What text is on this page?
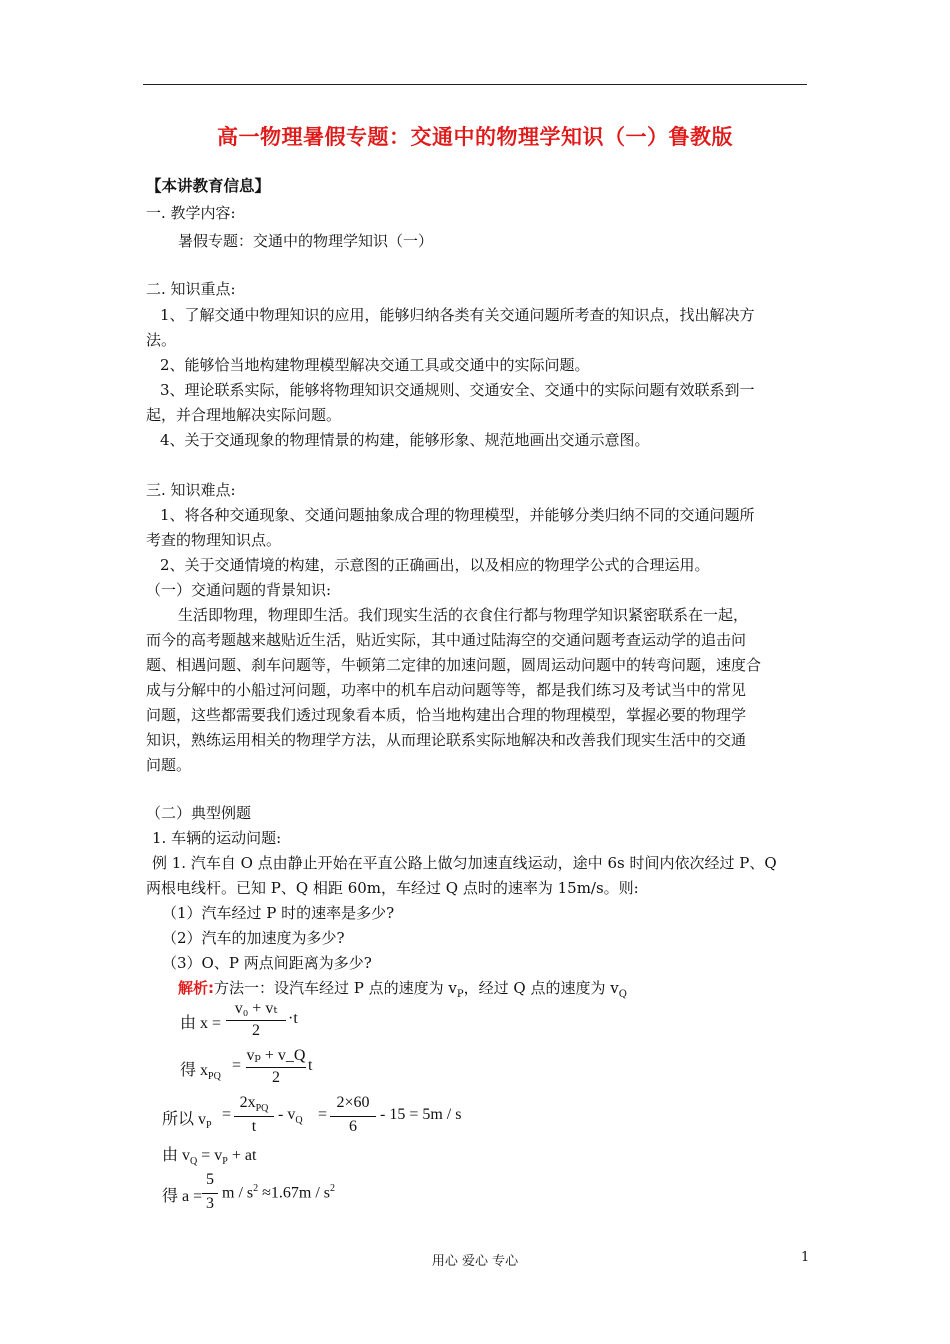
高一物理暑假专题：交通中的物理学知识（一）鲁教版
【本讲教育信息】
一. 教学内容:
暑假专题：交通中的物理学知识（一）
二. 知识重点:
1、了解交通中物理知识的应用，能够归纳各类有关交通问题所考查的知识点，找出解决方
法。
2、能够恰当地构建物理模型解决交通工具或交通中的实际问题。
3、理论联系实际，能够将物理知识交通规则、交通安全、交通中的实际问题有效联系到一
起，并合理地解决实际问题。
4、关于交通现象的物理情景的构建，能够形象、规范地画出交通示意图。
三. 知识难点:
1、将各种交通现象、交通问题抽象成合理的物理模型，并能够分类归纳不同的交通问题所
考查的物理知识点。
2、关于交通情境的构建，示意图的正确画出，以及相应的物理学公式的合理运用。
（一）交通问题的背景知识:
生活即物理，物理即生活。我们现实生活的衣食住行都与物理学知识紧密联系在一起，
而今的高考题越来越贴近生活，贴近实际，其中通过陆海空的交通问题考查运动学的追击问
题、相遇问题、刹车问题等，牛顿第二定律的加速问题，圆周运动问题中的转弯问题，速度合
成与分解中的小船过河问题，功率中的机车启动问题等等，都是我们练习及考试当中的常见
问题，这些都需要我们透过现象看本质，恰当地构建出合理的物理模型，掌握必要的物理学
知识，熟练运用相关的物理学方法，从而理论联系实际地解决和改善我们现实生活中的交通
问题。
（二）典型例题
1. 车辆的运动问题:
例 1. 汽车自 O 点由静止开始在平直公路上做匀加速直线运动，途中 6s 时间内依次经过 P、Q
两根电线杆。已知 P、Q 相距 60m，车经过 Q 点时的速率为 15m/s。则:
（1）汽车经过 P 时的速率是多少?
（2）汽车的加速度为多少?
（3）O、P 两点间距离为多少?
解析:方法一：设汽车经过 P 点的速度为 $v_P$，经过 Q 点的速度为 $v_Q$
由 x =
v₀ + vₜ
2
·t
得 $x_{PQ}$
=
vₚ + v_Q
2
t
所以 $v_P$
=
$2x_{PQ}$
t
- $v_Q$ =
2×60
6
- 15 = 5m / s
由 $v_Q = v_P$ + at
得 a =
5
3
$m / s^2 \approx 1.67m / s^2$
用心 爱心 专心	1
